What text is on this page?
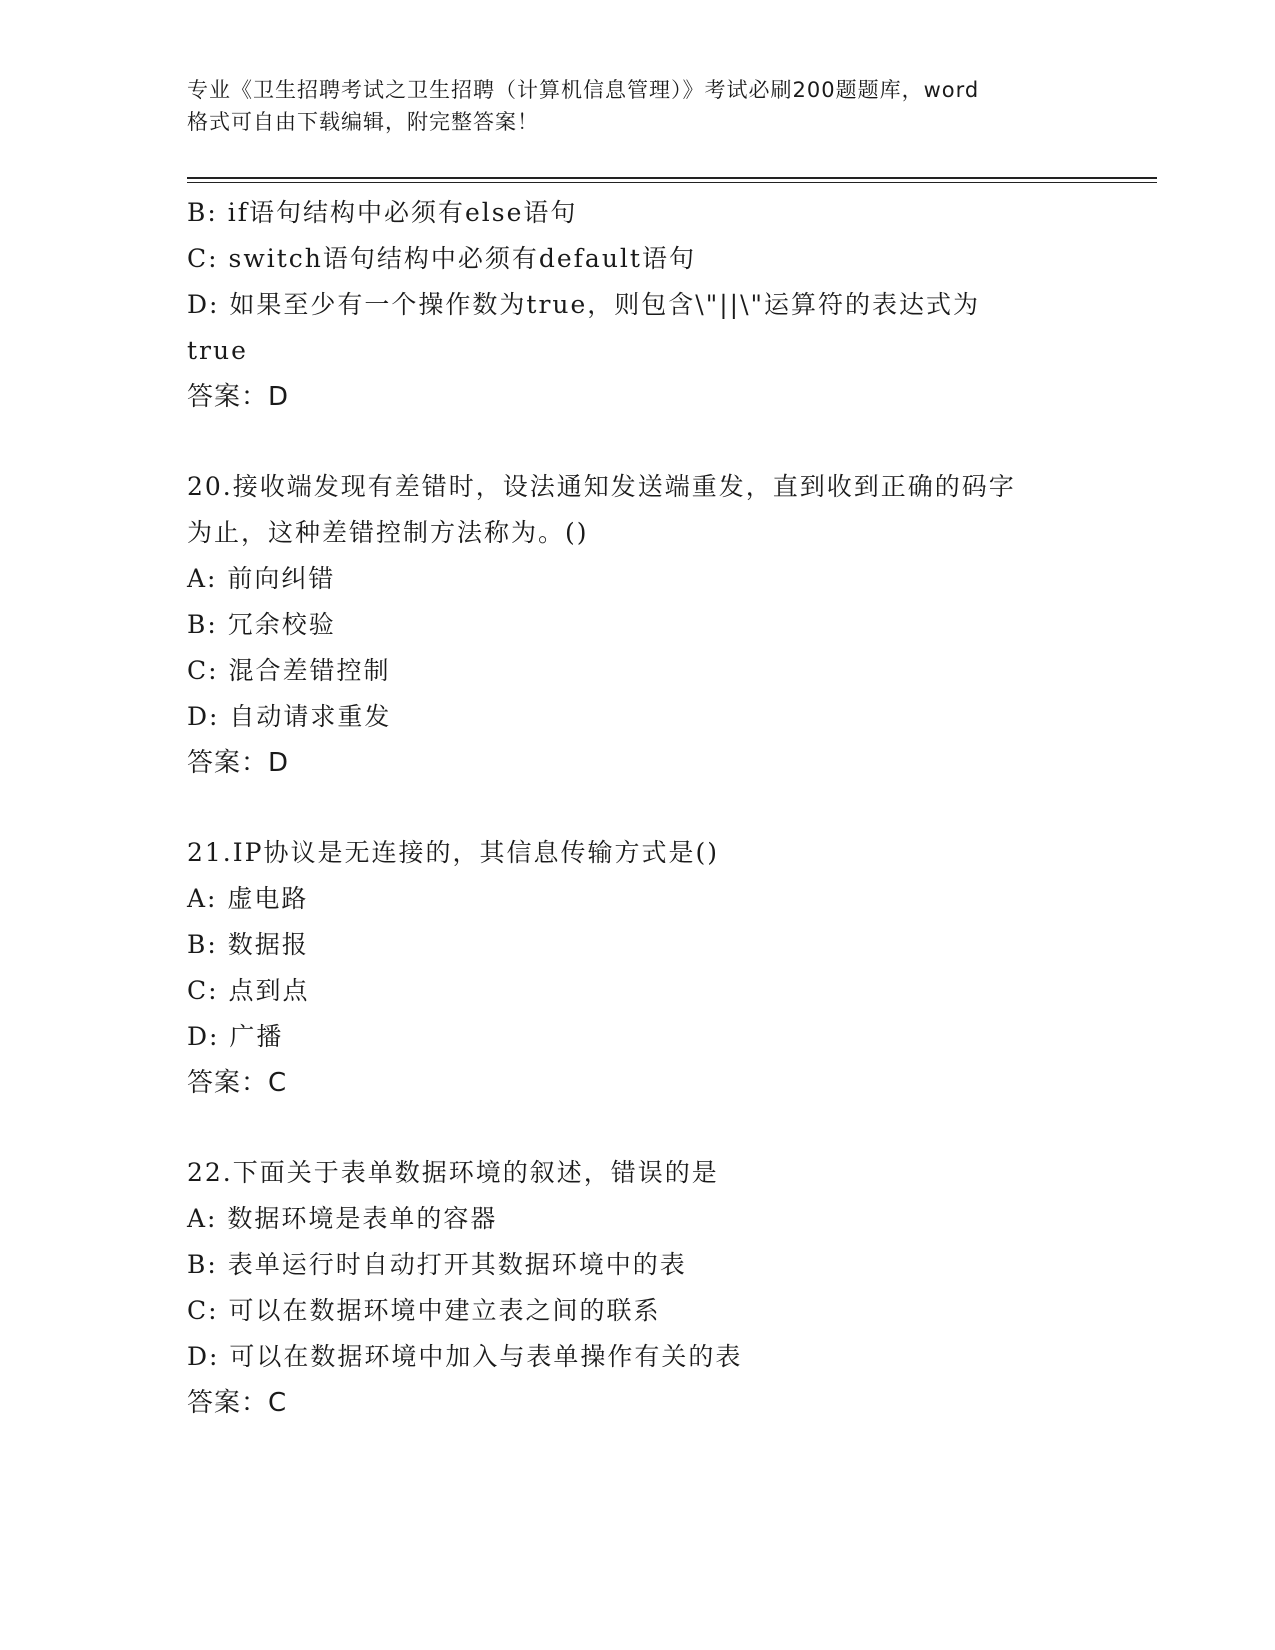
专业《卫生招聘考试之卫生招聘（计算机信息管理）》考试必刷200题题库，word
格式可自由下载编辑，附完整答案！
B: if语句结构中必须有else语句
C: switch语句结构中必须有default语句
D: 如果至少有一个操作数为true，则包含\"||\"运算符的表达式为
true
答案：D
20.接收端发现有差错时，设法通知发送端重发，直到收到正确的码字
为止，这种差错控制方法称为。()
A: 前向纠错
B: 冗余校验
C: 混合差错控制
D: 自动请求重发
答案：D
21.IP协议是无连接的，其信息传输方式是()
A: 虚电路
B: 数据报
C: 点到点
D: 广播
答案：C
22.下面关于表单数据环境的叙述，错误的是
A: 数据环境是表单的容器
B: 表单运行时自动打开其数据环境中的表
C: 可以在数据环境中建立表之间的联系
D: 可以在数据环境中加入与表单操作有关的表
答案：C
